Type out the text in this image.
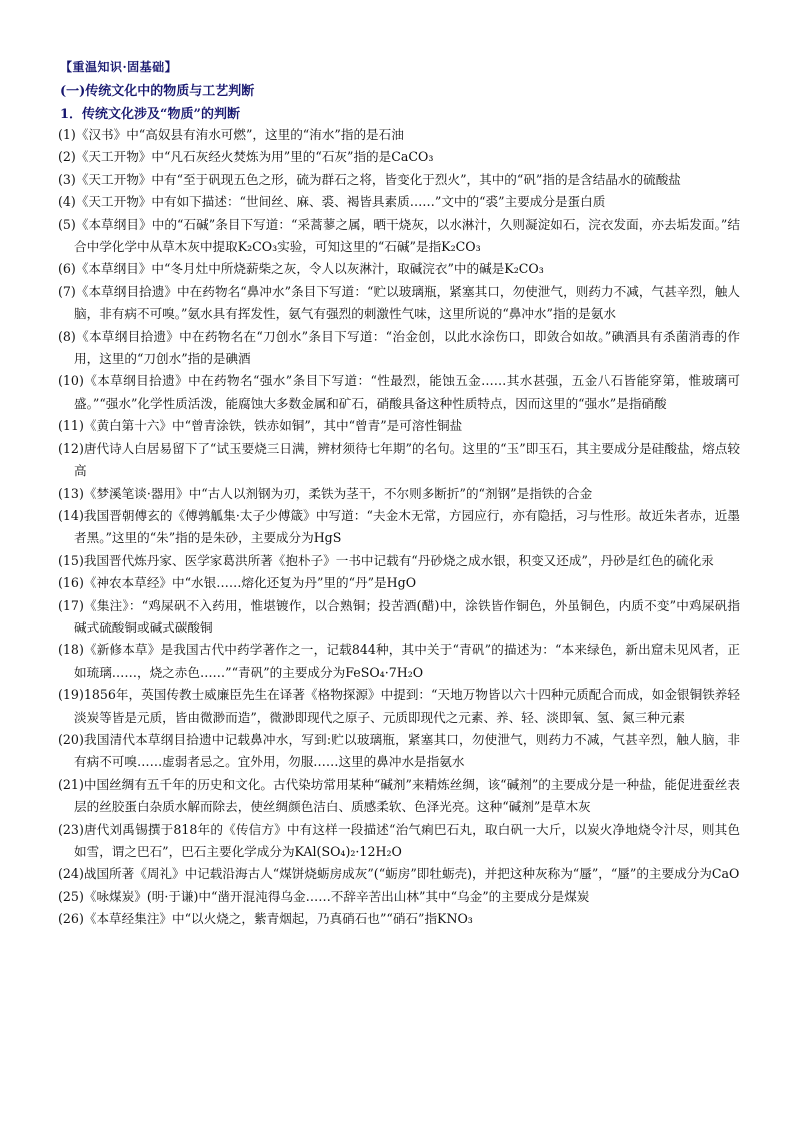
【重温知识·固基础】
(一)传统文化中的物质与工艺判断
1．传统文化涉及“物质”的判断
(1)《汉书》中“高奴县有洧水可燃”，这里的“洧水”指的是石油
(2)《天工开物》中“凡石灰经火焚炼为用”里的“石灰”指的是CaCO₃
(3)《天工开物》中有“至于矾现五色之形，硫为群石之将，皆变化于烈火”，其中的“矾”指的是含结晶水的硫酸盐
(4)《天工开物》中有如下描述：“世间丝、麻、裘、褐皆具素质……”文中的“裘”主要成分是蛋白质
(5)《本草纲目》中的“石碱”条目下写道：“采蒿蓼之属，晒干烧灰，以水淋汁，久则凝淀如石，浣衣发面，亦去垢发面。”结合中学化学中从草木灰中提取K₂CO₃实验，可知这里的“石碱”是指K₂CO₃
(6)《本草纲目》中“冬月灶中所烧薪柴之灰，令人以灰淋汁，取碱浣衣”中的碱是K₂CO₃
(7)《本草纲目拾遗》中在药物名“鼻冲水”条目下写道：“贮以玻璃瓶，紧塞其口，勿使泄气，则药力不减，气甚辛烈，触人脑，非有病不可嗅。”氨水具有挥发性，氨气有强烈的刺激性气味，这里所说的“鼻冲水”指的是氨水
(8)《本草纲目拾遗》中在药物名在“刀创水”条目下写道：“治金创，以此水涂伤口，即敛合如故。”碘酒具有杀菌消毒的作用，这里的“刀创水”指的是碘酒
(10)《本草纲目拾遗》中在药物名“强水”条目下写道：“性最烈，能蚀五金……其水甚强，五金八石皆能穿第，惟玻璃可盛。”“强水”化学性质活泼，能腐蚀大多数金属和矿石，硝酸具备这种性质特点，因而这里的“强水”是指硝酸
(11)《黄白第十六》中“曾青涂铁，铁赤如铜”，其中“曾青”是可溶性铜盐
(12)唐代诗人白居易留下了“试玉要烧三日满，辨材须待七年期”的名句。这里的“玉”即玉石，其主要成分是硅酸盐，熔点较高
(13)《梦溪笔谈·器用》中“古人以剂钢为刃，柔铁为茎干，不尔则多断折”的“剂钢”是指铁的合金
(14)我国晋朝傅玄的《傅鹑觚集·太子少傅箴》中写道：“夫金木无常，方园应行，亦有隐括，习与性形。故近朱者赤，近墨者黑。”这里的“朱”指的是朱砂，主要成分为HgS
(15)我国晋代炼丹家、医学家葛洪所著《抱朴子》一书中记载有“丹砂烧之成水银，积变又还成”，丹砂是红色的硫化汞
(16)《神农本草经》中“水银……熔化还复为丹”里的“丹”是HgO
(17)《集注》：“鸡屎矾不入药用，惟堪镀作，以合熟铜；投苦酒(醋)中，涂铁皆作铜色，外虽铜色，内质不变”中鸡屎矾指碱式硫酸铜或碱式碳酸铜
(18)《新修本草》是我国古代中药学著作之一，记载844种，其中关于“青矾”的描述为：“本来绿色，新出窟未见风者，正如琉璃……，烧之赤色……”“青矾”的主要成分为FeSO₄·7H₂O
(19)1856年，英国传教士威廉臣先生在译著《格物探源》中提到：“天地万物皆以六十四种元质配合而成，如金银铜铁养轻淡炭等皆是元质，皆由微渺而造”，微渺即现代之原子、元质即现代之元素、养、轻、淡即氧、氢、氮三种元素
(20)我国清代本草纲目拾遗中记载鼻冲水，写到:贮以玻璃瓶，紧塞其口，勿使泄气，则药力不减，气甚辛烈，触人脑，非有病不可嗅……虚弱者忌之。宜外用，勿服……这里的鼻冲水是指氨水
(21)中国丝绸有五千年的历史和文化。古代染坊常用某种“碱剂”来精炼丝绸，该“碱剂”的主要成分是一种盐，能促进蚕丝表层的丝胶蛋白杂质水解而除去，使丝绸颜色洁白、质感柔软、色泽光亮。这种“碱剂”是草木灰
(23)唐代刘禹锡撰于818年的《传信方》中有这样一段描述“治气痢巴石丸，取白矾一大斤，以炭火净地烧令汁尽，则其色如雪，谓之巴石”，巴石主要化学成分为KAl(SO₄)₂·12H₂O
(24)战国所著《周礼》中记载沿海古人“煤饼烧蛎房成灰”(“蛎房”即牡蛎壳)，并把这种灰称为“蜃”，“蜃”的主要成分为CaO
(25)《咏煤炭》(明·于谦)中“凿开混沌得乌金……不辞辛苦出山林”其中“乌金”的主要成分是煤炭
(26)《本草经集注》中“以火烧之，紫青烟起，乃真硝石也”“硝石”指KNO₃
